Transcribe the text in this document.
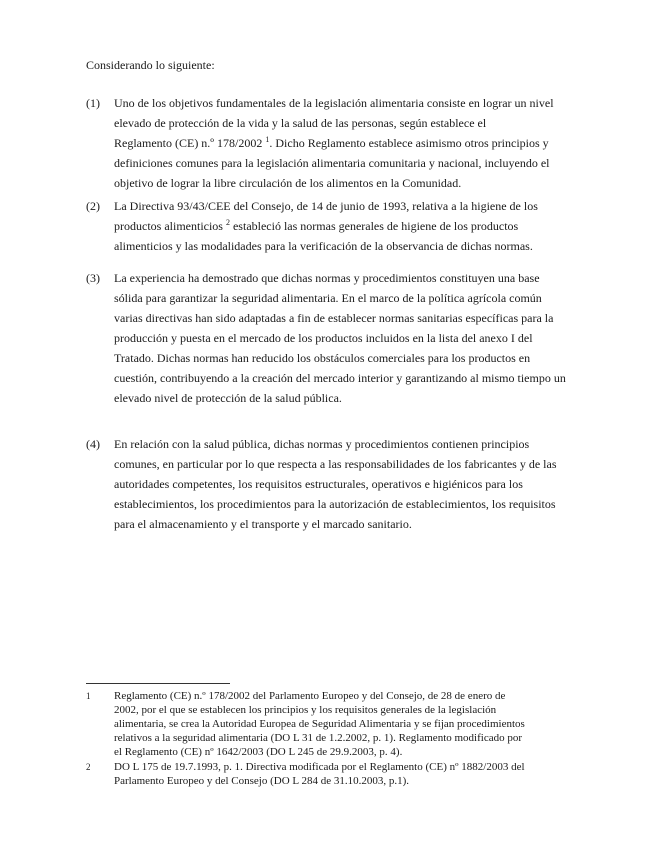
Considerando lo siguiente:
(1)	Uno de los objetivos fundamentales de la legislación alimentaria consiste en lograr un nivel
elevado de protección de la vida y la salud de las personas, según establece el
Reglamento (CE) n.º 178/2002 $^1$. Dicho Reglamento establece asimismo otros principios y
definiciones comunes para la legislación alimentaria comunitaria y nacional, incluyendo el
objetivo de lograr la libre circulación de los alimentos en la Comunidad.
(2)	La Directiva 93/43/CEE del Consejo, de 14 de junio de 1993, relativa a la higiene de los
productos alimenticios $^2$ estableció las normas generales de higiene de los productos
alimenticios y las modalidades para la verificación de la observancia de dichas normas.
(3)	La experiencia ha demostrado que dichas normas y procedimientos constituyen una base
sólida para garantizar la seguridad alimentaria. En el marco de la política agrícola común
varias directivas han sido adaptadas a fin de establecer normas sanitarias específicas para la
producción y puesta en el mercado de los productos incluidos en la lista del anexo I del
Tratado. Dichas normas han reducido los obstáculos comerciales para los productos en
cuestión, contribuyendo a la creación del mercado interior y garantizando al mismo tiempo un
elevado nivel de protección de la salud pública.
(4)	En relación con la salud pública, dichas normas y procedimientos contienen principios
comunes, en particular por lo que respecta a las responsabilidades de los fabricantes y de las
autoridades competentes, los requisitos estructurales, operativos e higiénicos para los
establecimientos, los procedimientos para la autorización de establecimientos, los requisitos
para el almacenamiento y el transporte y el marcado sanitario.
1 Reglamento (CE) n.º 178/2002 del Parlamento Europeo y del Consejo, de 28 de enero de
2002, por el que se establecen los principios y los requisitos generales de la legislación
alimentaria, se crea la Autoridad Europea de Seguridad Alimentaria y se fijan procedimientos
relativos a la seguridad alimentaria (DO L 31 de 1.2.2002, p. 1). Reglamento modificado por
el Reglamento (CE) nº 1642/2003 (DO L 245 de 29.9.2003, p. 4).
2 DO L 175 de 19.7.1993, p. 1. Directiva modificada por el Reglamento (CE) nº 1882/2003 del
Parlamento Europeo y del Consejo (DO L 284 de 31.10.2003, p.1).
